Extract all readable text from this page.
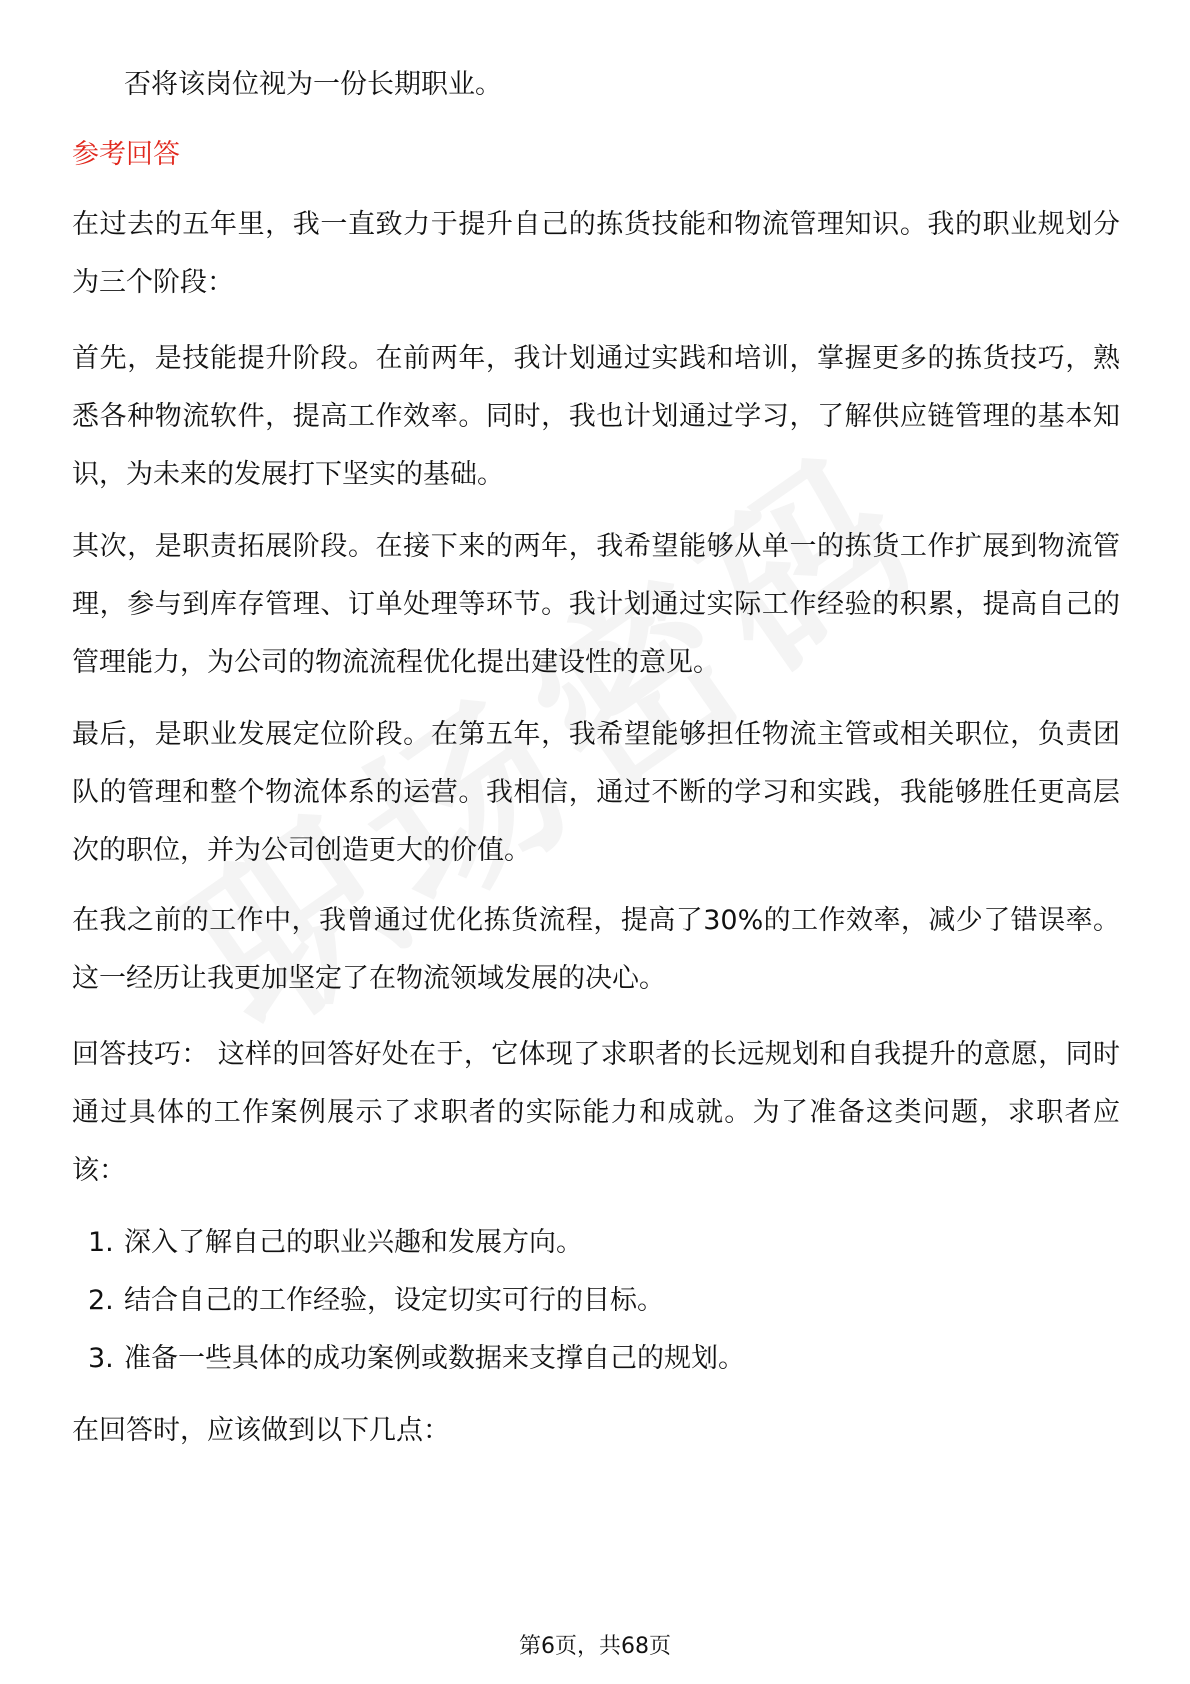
否将该岗位视为一份长期职业。

参考回答

在过去的五年里，我一直致力于提升自己的拣货技能和物流管理知识。我的职业规划分为三个阶段：

首先，是技能提升阶段。在前两年，我计划通过实践和培训，掌握更多的拣货技巧，熟悉各种物流软件，提高工作效率。同时，我也计划通过学习，了解供应链管理的基本知识，为未来的发展打下坚实的基础。

其次，是职责拓展阶段。在接下来的两年，我希望能够从单一的拣货工作扩展到物流管理，参与到库存管理、订单处理等环节。我计划通过实际工作经验的积累，提高自己的管理能力，为公司的物流流程优化提出建设性的意见。

最后，是职业发展定位阶段。在第五年，我希望能够担任物流主管或相关职位，负责团队的管理和整个物流体系的运营。我相信，通过不断的学习和实践，我能够胜任更高层次的职位，并为公司创造更大的价值。

在我之前的工作中，我曾通过优化拣货流程，提高了30%的工作效率，减少了错误率。这一经历让我更加坚定了在物流领域发展的决心。

回答技巧： 这样的回答好处在于，它体现了求职者的长远规划和自我提升的意愿，同时通过具体的工作案例展示了求职者的实际能力和成就。为了准备这类问题，求职者应该：

1. 深入了解自己的职业兴趣和发展方向。
2. 结合自己的工作经验，设定切实可行的目标。
3. 准备一些具体的成功案例或数据来支撑自己的规划。

在回答时，应该做到以下几点：

第6页，共68页
